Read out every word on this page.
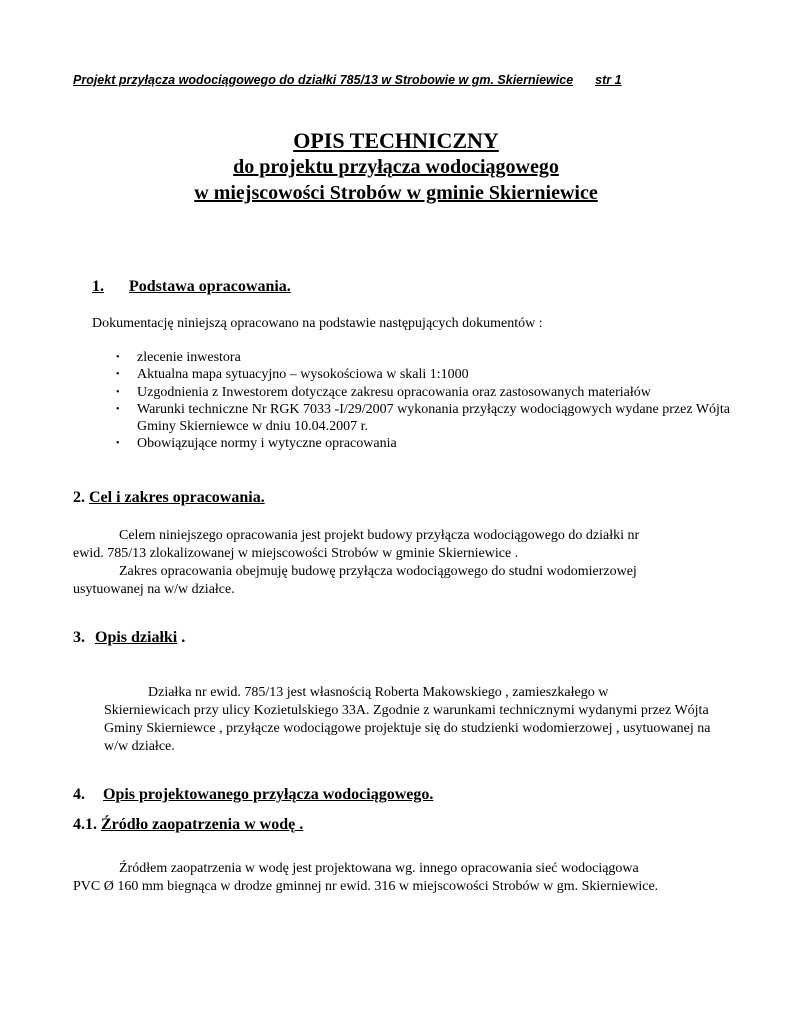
Projekt przyłącza wodociągowego do działki 785/13 w Strobowie w gm. Skierniewice str 1
OPIS TECHNICZNY
do projektu przyłącza wodociągowego
w miejscowości Strobów w gminie Skierniewice
1. Podstawa opracowania.
Dokumentację niniejszą opracowano na podstawie następujących dokumentów :
• zlecenie inwestora
• Aktualna mapa sytuacyjno – wysokościowa w skali 1:1000
• Uzgodnienia z Inwestorem dotyczące zakresu opracowania oraz zastosowanych materiałów
• Warunki techniczne Nr RGK 7033 -I/29/2007 wykonania przyłączy wodociągowych wydane przez Wójta Gminy Skierniewce w dniu 10.04.2007 r.
• Obowiązujące normy i wytyczne opracowania
2. Cel i zakres opracowania.
Celem niniejszego opracowania jest projekt budowy przyłącza wodociągowego do działki nr
ewid. 785/13 zlokalizowanej w miejscowości Strobów w gminie Skierniewice .
Zakres opracowania obejmuję budowę przyłącza wodociągowego do studni wodomierzowej
usytuowanej na w/w działce.
3. Opis działki .
Działka nr ewid. 785/13 jest własnością Roberta Makowskiego , zamieszkałego w
Skierniewicach przy ulicy Kozietulskiego 33A. Zgodnie z warunkami technicznymi wydanymi przez Wójta Gminy Skierniewce , przyłącze wodociągowe projektuje się do studzienki wodomierzowej , usytuowanej na w/w działce.
4. Opis projektowanego przyłącza wodociągowego.
4.1. Źródło zaopatrzenia w wodę .
Źródłem zaopatrzenia w wodę jest projektowana wg. innego opracowania sieć wodociągowa
PVC Ø 160 mm biegnąca w drodze gminnej nr ewid. 316 w miejscowości Strobów w gm. Skierniewice.
